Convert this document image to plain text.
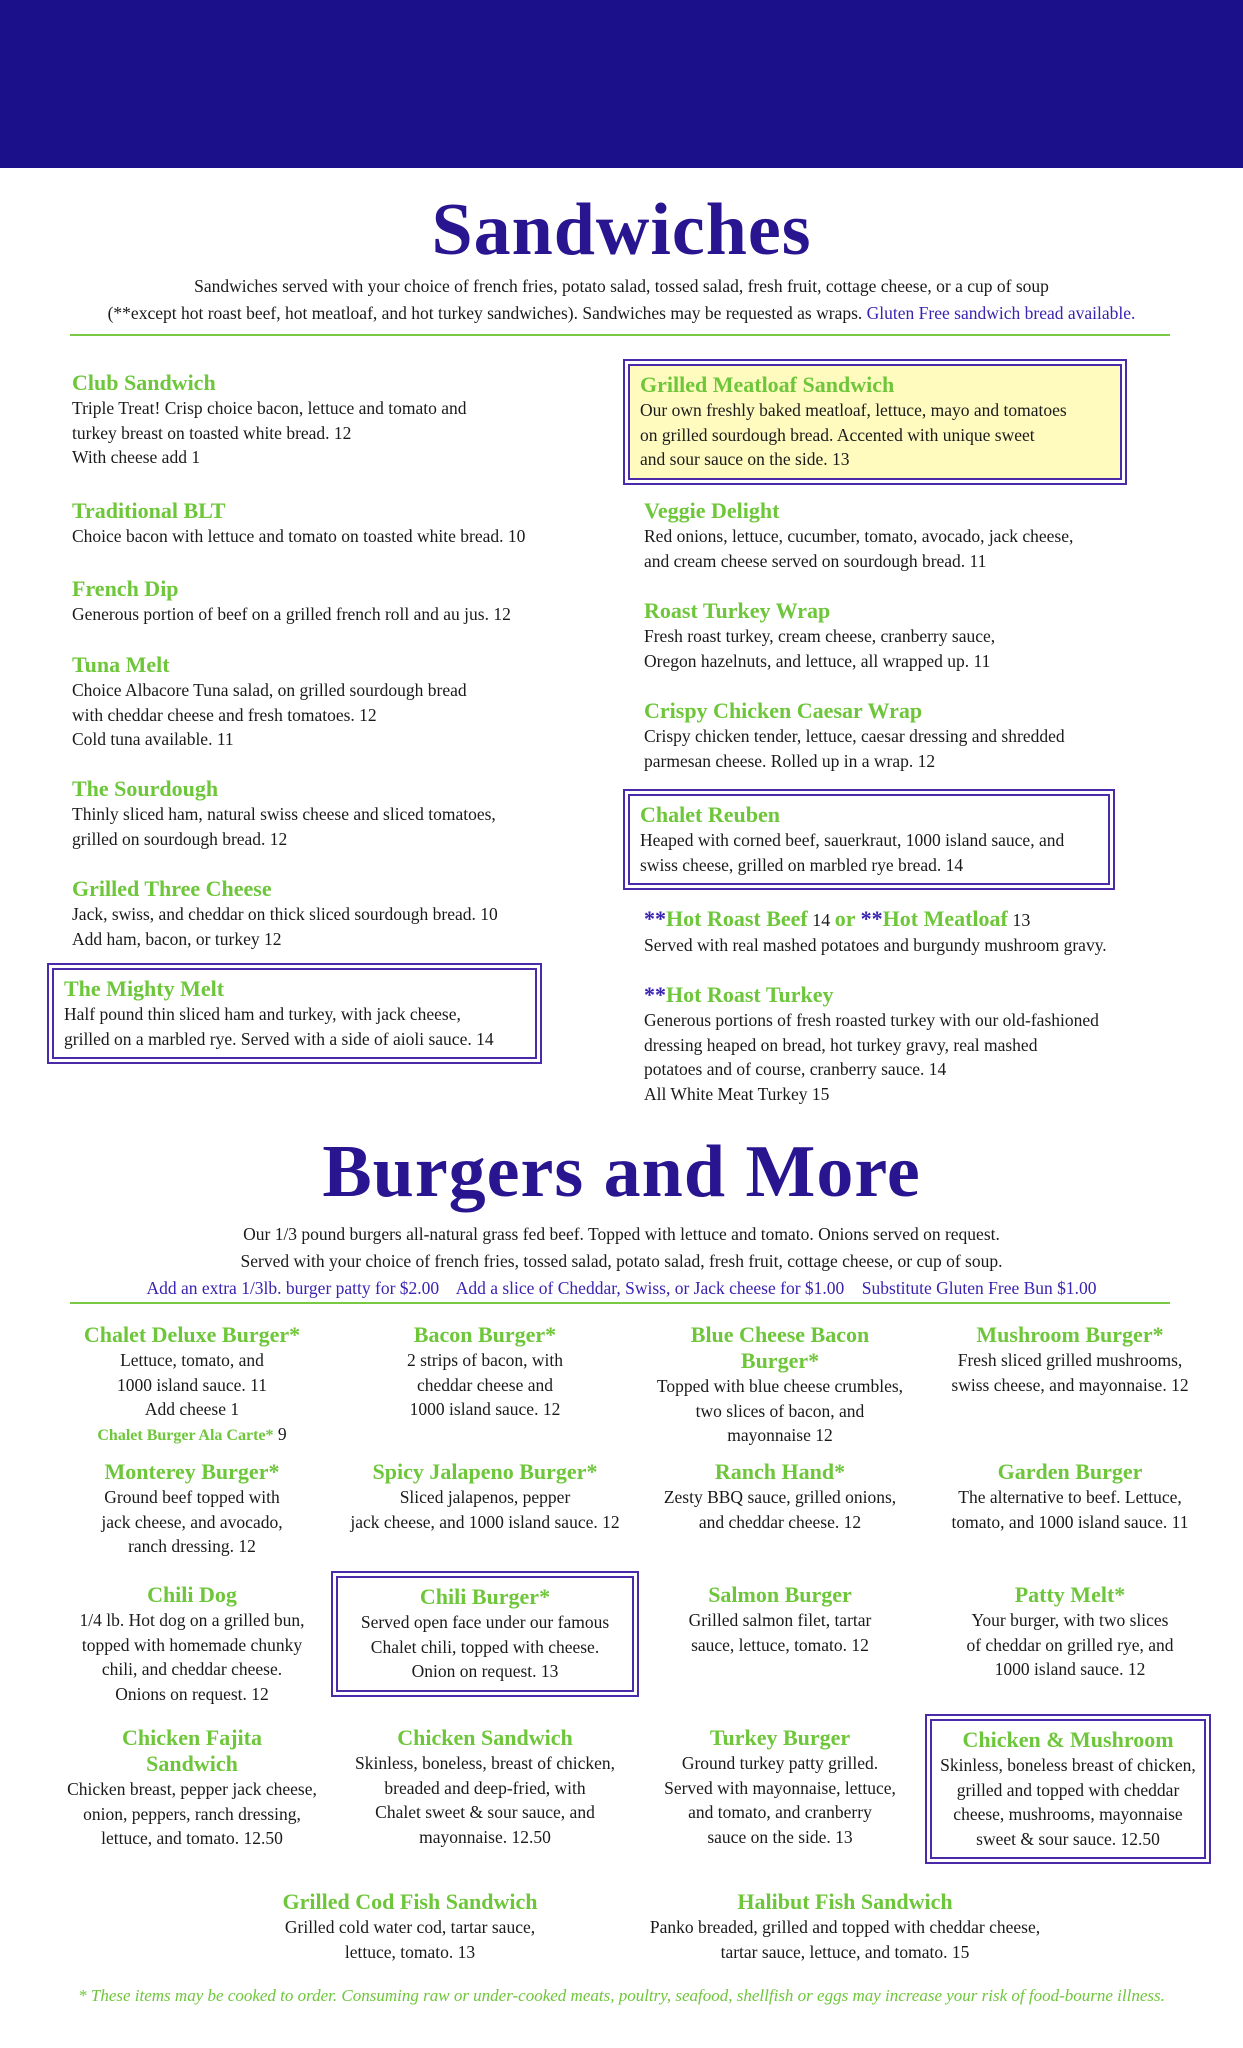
Sandwiches
Sandwiches served with your choice of french fries, potato salad, tossed salad, fresh fruit, cottage cheese, or a cup of soup
(**except hot roast beef, hot meatloaf, and hot turkey sandwiches). Sandwiches may be requested as wraps. Gluten Free sandwich bread available.
Club Sandwich
Triple Treat! Crisp choice bacon, lettuce and tomato and
turkey breast on toasted white bread. 12
With cheese add 1
Traditional BLT
Choice bacon with lettuce and tomato on toasted white bread. 10
French Dip
Generous portion of beef on a grilled french roll and au jus. 12
Tuna Melt
Choice Albacore Tuna salad, on grilled sourdough bread
with cheddar cheese and fresh tomatoes. 12
Cold tuna available. 11
The Sourdough
Thinly sliced ham, natural swiss cheese and sliced tomatoes,
grilled on sourdough bread. 12
Grilled Three Cheese
Jack, swiss, and cheddar on thick sliced sourdough bread. 10
Add ham, bacon, or turkey 12
The Mighty Melt
Half pound thin sliced ham and turkey, with jack cheese,
grilled on a marbled rye. Served with a side of aioli sauce. 14
Grilled Meatloaf Sandwich
Our own freshly baked meatloaf, lettuce, mayo and tomatoes
on grilled sourdough bread. Accented with unique sweet
and sour sauce on the side. 13
Veggie Delight
Red onions, lettuce, cucumber, tomato, avocado, jack cheese,
and cream cheese served on sourdough bread. 11
Roast Turkey Wrap
Fresh roast turkey, cream cheese, cranberry sauce,
Oregon hazelnuts, and lettuce, all wrapped up. 11
Crispy Chicken Caesar Wrap
Crispy chicken tender, lettuce, caesar dressing and shredded
parmesan cheese. Rolled up in a wrap. 12
Chalet Reuben
Heaped with corned beef, sauerkraut, 1000 island sauce, and
swiss cheese, grilled on marbled rye bread. 14
**Hot Roast Beef 14 or **Hot Meatloaf 13
Served with real mashed potatoes and burgundy mushroom gravy.
**Hot Roast Turkey
Generous portions of fresh roasted turkey with our old-fashioned
dressing heaped on bread, hot turkey gravy, real mashed
potatoes and of course, cranberry sauce. 14
All White Meat Turkey 15
Burgers and More
Our 1/3 pound burgers all-natural grass fed beef. Topped with lettuce and tomato. Onions served on request.
Served with your choice of french fries, tossed salad, potato salad, fresh fruit, cottage cheese, or cup of soup.
Add an extra 1/3lb. burger patty for $2.00    Add a slice of Cheddar, Swiss, or Jack cheese for $1.00    Substitute Gluten Free Bun $1.00
Chalet Deluxe Burger*
Lettuce, tomato, and
1000 island sauce. 11
Add cheese 1
Chalet Burger Ala Carte* 9
Bacon Burger*
2 strips of bacon, with
cheddar cheese and
1000 island sauce. 12
Blue Cheese Bacon
Burger*
Topped with blue cheese crumbles,
two slices of bacon, and
mayonnaise 12
Mushroom Burger*
Fresh sliced grilled mushrooms,
swiss cheese, and mayonnaise. 12
Monterey Burger*
Ground beef topped with
jack cheese, and avocado,
ranch dressing. 12
Spicy Jalapeno Burger*
Sliced jalapenos, pepper
jack cheese, and 1000 island sauce. 12
Ranch Hand*
Zesty BBQ sauce, grilled onions,
and cheddar cheese. 12
Garden Burger
The alternative to beef. Lettuce,
tomato, and 1000 island sauce. 11
Chili Dog
1/4 lb. Hot dog on a grilled bun,
topped with homemade chunky
chili, and cheddar cheese.
Onions on request. 12
Chili Burger*
Served open face under our famous
Chalet chili, topped with cheese.
Onion on request. 13
Salmon Burger
Grilled salmon filet, tartar
sauce, lettuce, tomato. 12
Patty Melt*
Your burger, with two slices
of cheddar on grilled rye, and
1000 island sauce. 12
Chicken Fajita
Sandwich
Chicken breast, pepper jack cheese,
onion, peppers, ranch dressing,
lettuce, and tomato. 12.50
Chicken Sandwich
Skinless, boneless, breast of chicken,
breaded and deep-fried, with
Chalet sweet & sour sauce, and
mayonnaise. 12.50
Turkey Burger
Ground turkey patty grilled.
Served with mayonnaise, lettuce,
and tomato, and cranberry
sauce on the side. 13
Chicken & Mushroom
Skinless, boneless breast of chicken,
grilled and topped with cheddar
cheese, mushrooms, mayonnaise
sweet & sour sauce. 12.50
Grilled Cod Fish Sandwich
Grilled cold water cod, tartar sauce,
lettuce, tomato. 13
Halibut Fish Sandwich
Panko breaded, grilled and topped with cheddar cheese,
tartar sauce, lettuce, and tomato. 15
* These items may be cooked to order. Consuming raw or under-cooked meats, poultry, seafood, shellfish or eggs may increase your risk of food-bourne illness.
